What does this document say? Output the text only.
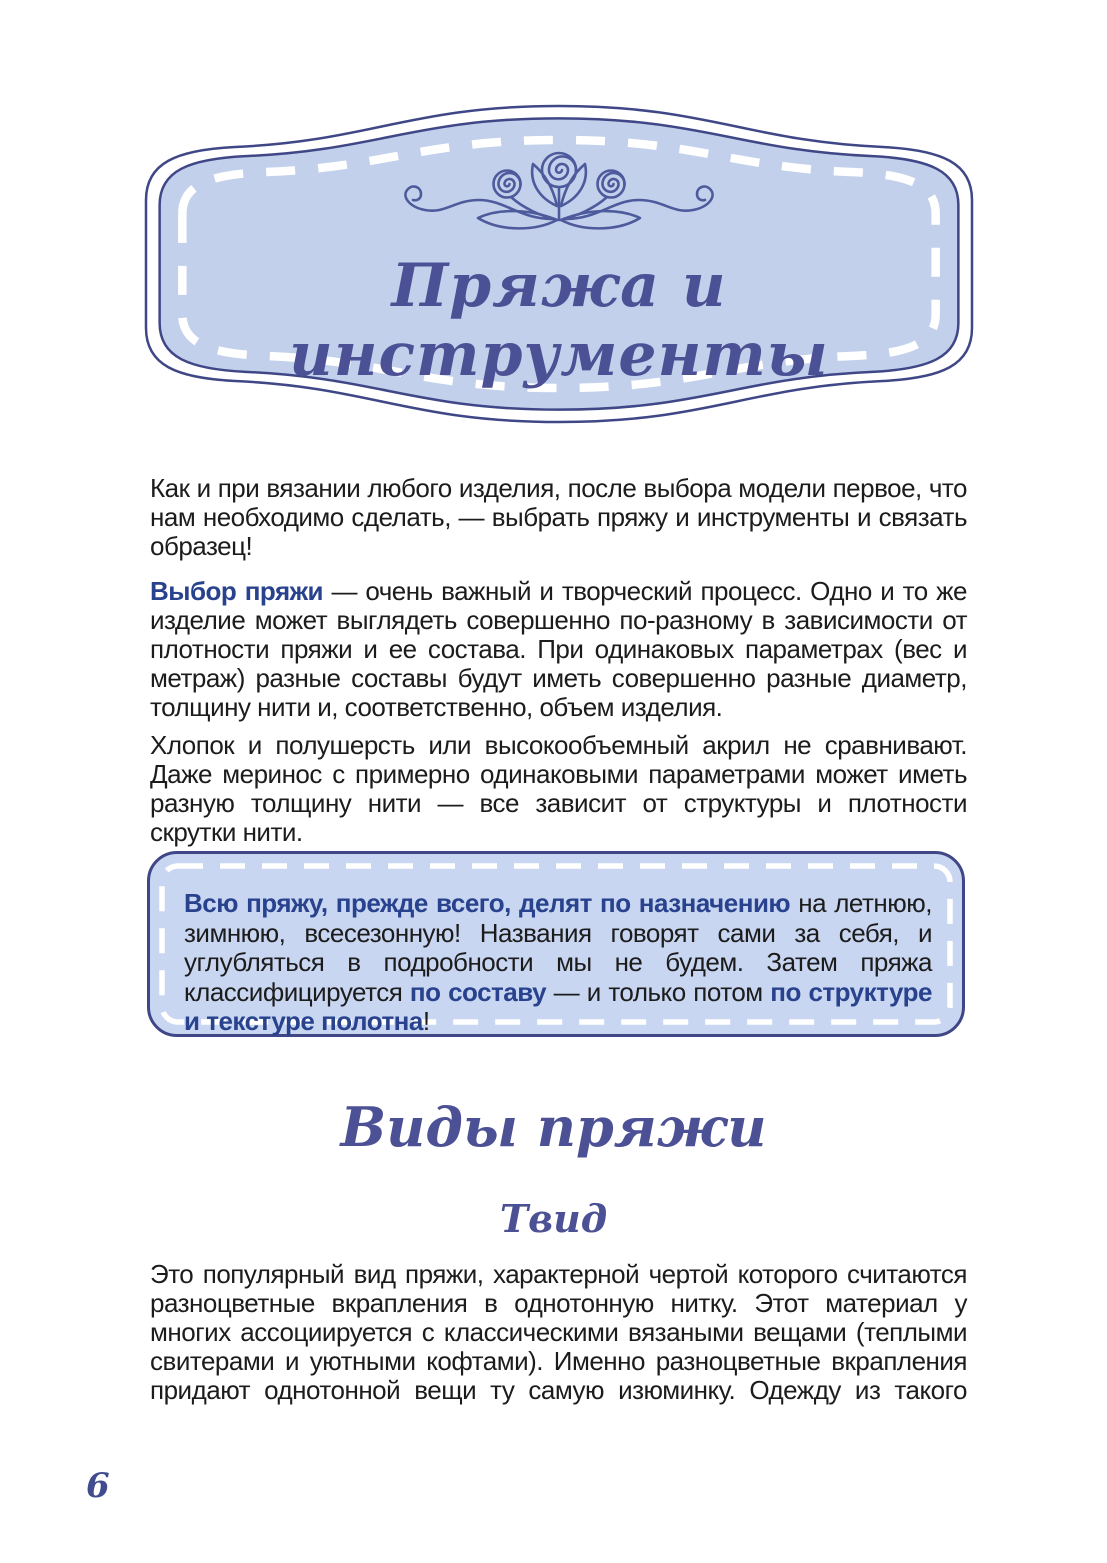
Пряжа и инструменты

Как и при вязании любого изделия, после выбора модели первое, что нам необходимо сделать, — выбрать пряжу и инструменты и связать образец!

Выбор пряжи — очень важный и творческий процесс. Одно и то же изделие может выглядеть совершенно по-разному в зависимости от плотности пряжи и ее состава. При одинаковых параметрах (вес и метраж) разные составы будут иметь совершенно разные диаметр, толщину нити и, соответственно, объем изделия.

Хлопок и полушерсть или высокообъемный акрил не сравнивают. Даже меринос с примерно одинаковыми параметрами может иметь разную толщину нити — все зависит от структуры и плотности скрутки нити.

Всю пряжу, прежде всего, делят по назначению на летнюю, зимнюю, всесезонную! Названия говорят сами за себя, и углубляться в подробности мы не будем. Затем пряжа классифицируется по составу — и только потом по структуре и текстуре полотна!
Виды пряжи
Твид

Это популярный вид пряжи, характерной чертой которого считаются разноцветные вкрапления в однотонную нитку. Этот материал у многих ассоциируется с классическими вязаными вещами (теплыми свитерами и уютными кофтами). Именно разноцветные вкрапления придают однотонной вещи ту самую изюминку. Одежду из такого

6
